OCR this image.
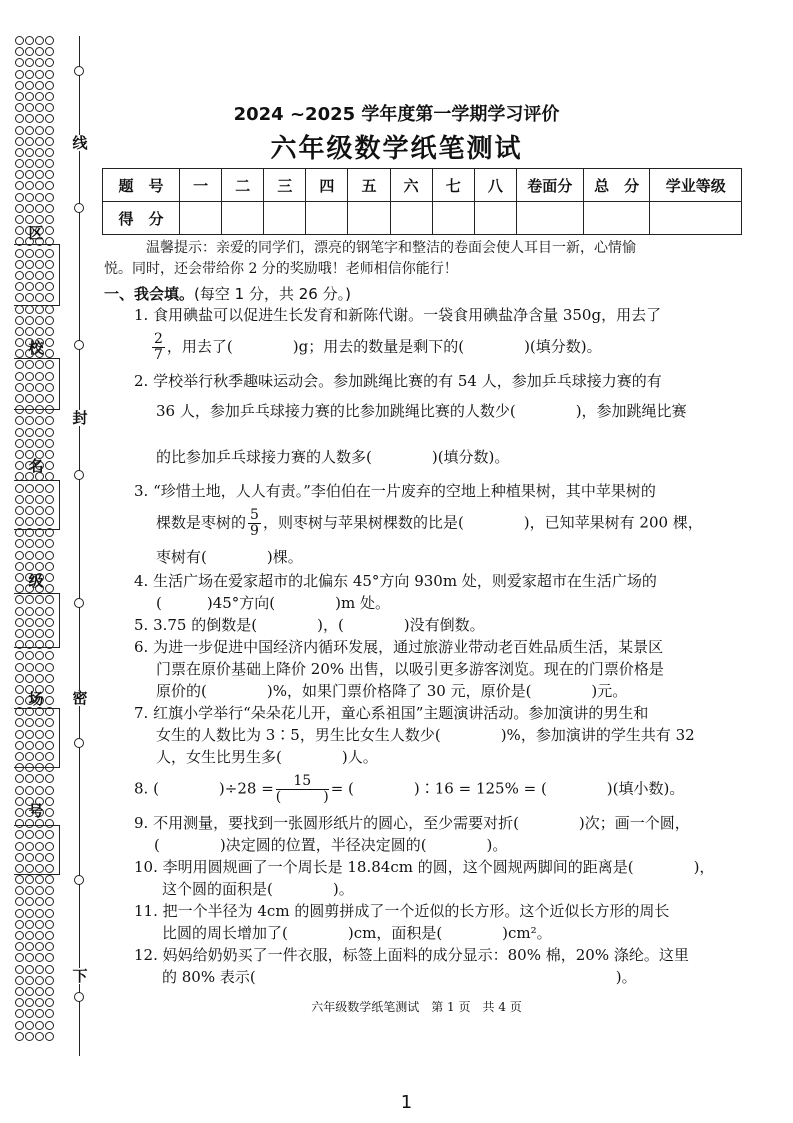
线
封
密
下
区
校
名
级
场
号
2024 ~2025 学年度第一学期学习评价
六年级数学纸笔测试
题　号	一	二	三	四	五	六	七	八	卷面分	总　分	学业等级
得　分											
温馨提示：亲爱的同学们，漂亮的钢笔字和整洁的卷面会使人耳目一新，心情愉
悦。同时，还会带给你 2 分的奖励哦！老师相信你能行！
一、我会填。(每空 1 分，共 26 分。)
1. 食用碘盐可以促进生长发育和新陈代谢。一袋食用碘盐净含量 350g，用去了
$\frac{2}{7}$ ，用去了(　　　　)g；用去的数量是剩下的(　　　　)(填分数)。
2. 学校举行秋季趣味运动会。参加跳绳比赛的有 54 人，参加乒乓球接力赛的有
36 人，参加乒乓球接力赛的比参加跳绳比赛的人数少(　　　　)，参加跳绳比赛
的比参加乒乓球接力赛的人数多(　　　　)(填分数)。
3. “珍惜土地，人人有责。”李伯伯在一片废弃的空地上种植果树，其中苹果树的
棵数是枣树的 $\frac{5}{9}$ ，则枣树与苹果树棵数的比是(　　　　)，已知苹果树有 200 棵，
枣树有(　　　　)棵。
4. 生活广场在爱家超市的北偏东 45°方向 930m 处，则爱家超市在生活广场的
(　　　)45°方向(　　　　)m 处。
5. 3.75 的倒数是(　　　　)，(　　　　)没有倒数。
6. 为进一步促进中国经济内循环发展，通过旅游业带动老百姓品质生活，某景区
门票在原价基础上降价 20% 出售，以吸引更多游客浏览。现在的门票价格是
原价的(　　　　)%，如果门票价格降了 30 元，原价是(　　　　)元。
7. 红旗小学举行“朵朵花儿开，童心系祖国”主题演讲活动。参加演讲的男生和
女生的人数比为 3∶5，男生比女生人数少(　　　　)%，参加演讲的学生共有 32
人，女生比男生多(　　　　)人。
8. (　　　　)$\div 28 = \frac{15}{( )}$ = (　　　　)∶16 = 125% = (　　　　)(填小数)。
9. 不用测量，要找到一张圆形纸片的圆心，至少需要对折(　　　　)次；画一个圆，
(　　　　)决定圆的位置，半径决定圆的(　　　　)。
10. 李明用圆规画了一个周长是 18.84cm 的圆，这个圆规两脚间的距离是(　　　　)，
这个圆的面积是(　　　　)。
11. 把一个半径为 4cm 的圆剪拼成了一个近似的长方形。这个近似长方形的周长
比圆的周长增加了(　　　　)cm，面积是(　　　　)cm²。
12. 妈妈给奶奶买了一件衣服，标签上面料的成分显示：80% 棉，20% 涤纶。这里
的 80% 表示(　　　　　　　　　　　　　　　　　　　　　　　　)。
六年级数学纸笔测试　第 1 页　共 4 页
1
